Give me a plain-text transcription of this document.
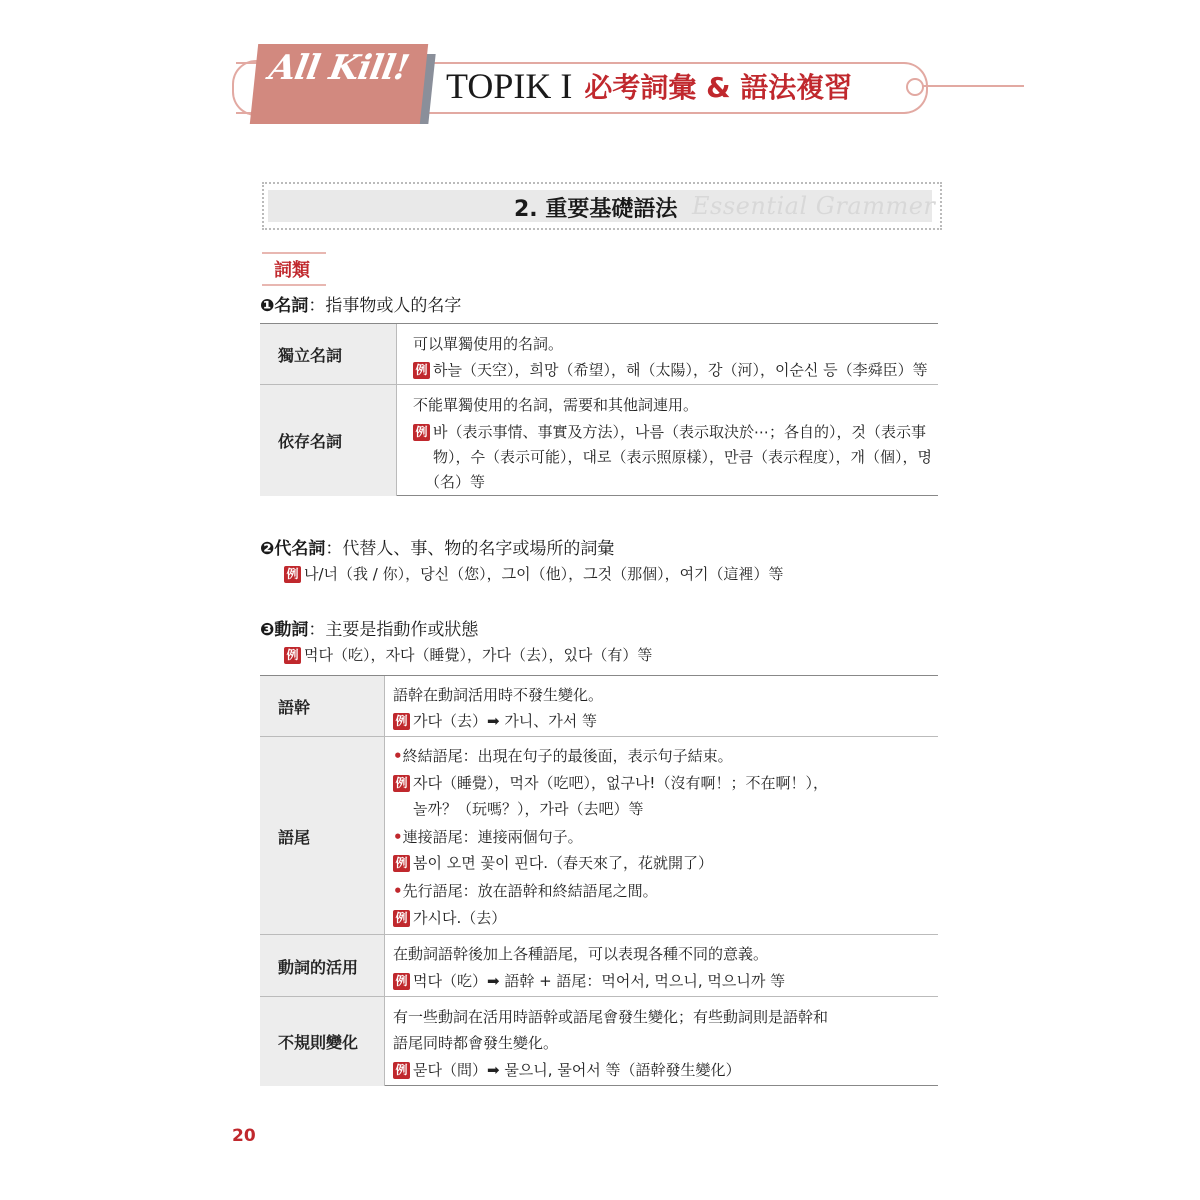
All Kill! TOPIK I 必考詞彙 & 語法複習
2. 重要基礎語法 Essential Grammer
詞類
❶名詞：指事物或人的名字
獨立名詞
可以單獨使用的名詞。
例 하늘（天空），희망（希望），해（太陽），강（河），이순신 등（李舜臣）等
依存名詞
不能單獨使用的名詞，需要和其他詞連用。
例 바（表示事情、事實及方法），나름（表示取決於⋯；各自的），것（表示事
物），수（表示可能），대로（表示照原樣），만큼（表示程度），개（個），명
（名）等
❷代名詞：代替人、事、物的名字或場所的詞彙
例 나/너（我 / 你），당신（您），그이（他），그것（那個），여기（這裡）等
❸動詞：主要是指動作或狀態
例 먹다（吃），자다（睡覺），가다（去），있다（有）等
語幹
語幹在動詞活用時不發生變化。
例 가다（去）➡ 가니、가서 等
語尾
•終結語尾：出現在句子的最後面，表示句子結束。
例 자다（睡覺），먹자（吃吧），없구나!（沒有啊！；不在啊！），
놀까？（玩嗎？），가라（去吧）等
•連接語尾：連接兩個句子。
例 봄이 오면 꽃이 핀다.（春天來了，花就開了）
•先行語尾：放在語幹和終結語尾之間。
例 가시다.（去）
動詞的活用
在動詞語幹後加上各種語尾，可以表現各種不同的意義。
例 먹다（吃）➡ 語幹 + 語尾：먹어서, 먹으니, 먹으니까 等
不規則變化
有一些動詞在活用時語幹或語尾會發生變化；有些動詞則是語幹和
語尾同時都會發生變化。
例 묻다（問）➡ 물으니, 물어서 等（語幹發生變化）
20
